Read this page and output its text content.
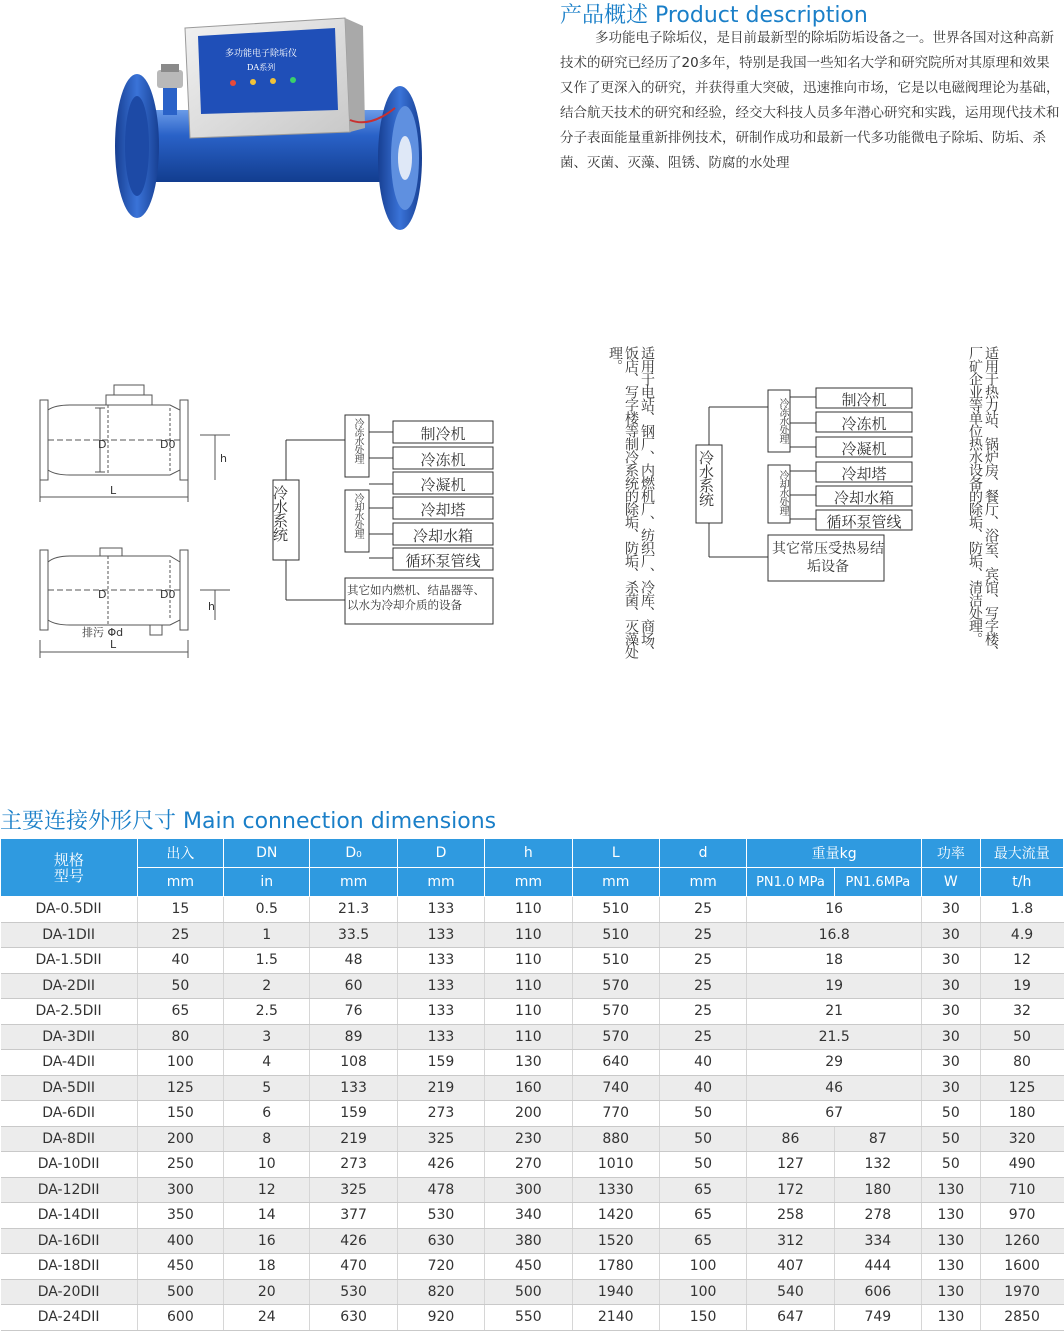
多功能电子除垢仪
DA系列
产品概述 Product description
多功能电子除垢仪，是目前最新型的除垢防垢设备之一。世界各国对这种高新技术的研究已经历了20多年，特别是我国一些知名大学和研究院所对其原理和效果又作了更深入的研究，并获得重大突破，迅速推向市场，它是以电磁阀理论为基础，结合航天技术的研究和经验，经交大科技人员多年潜心研究和实践，运用现代技术和分子表面能量重新排例技术，研制作成功和最新一代多功能微电子除垢、防垢、杀菌、灭菌、灭藻、阻锈、防腐的水处理
D	D0
h
L
D	D0
h
排污 Φd
L
冷水系统
冷冻水处理
冷却水处理
制冷机
冷冻机
冷凝机
冷却塔
冷却水箱
循环泵管线
其它如内燃机、结晶器等、以水为冷却介质的设备	适用于电站、钢厂、内燃机厂、纺织厂、冷库、商场、饭店、写字楼等制冷系统的除垢、防垢、杀菌、灭藻处理。
冷水系统
冷冻水处理
冷却水处理
制冷机
冷冻机
冷凝机
冷却塔
冷却水箱
循环泵管线
其它常压受热易结垢设备	适用于热力站、锅炉房、餐厅、浴室、宾馆、写字楼、厂矿企业等单位热水设备的除垢、防垢、清洁处理。
主要连接外形尺寸 Main connection dimensions
规格
型号	出入	DN	D₀	D	h	L	d	重量kg		功率	最大流量
	mm	in	mm	mm	mm	mm	mm	PN1.0 MPa	PN1.6MPa	W	t/h
DA-0.5DII	15	0.5	21.3	133	110	510	25	16		30	1.8
DA-1DII	25	1	33.5	133	110	510	25	16.8		30	4.9
DA-1.5DII	40	1.5	48	133	110	510	25	18		30	12
DA-2DII	50	2	60	133	110	570	25	19		30	19
DA-2.5DII	65	2.5	76	133	110	570	25	21		30	32
DA-3DII	80	3	89	133	110	570	25	21.5		30	50
DA-4DII	100	4	108	159	130	640	40	29		30	80
DA-5DII	125	5	133	219	160	740	40	46		30	125
DA-6DII	150	6	159	273	200	770	50	67		50	180
DA-8DII	200	8	219	325	230	880	50	86	87	50	320
DA-10DII	250	10	273	426	270	1010	50	127	132	50	490
DA-12DII	300	12	325	478	300	1330	65	172	180	130	710
DA-14DII	350	14	377	530	340	1420	65	258	278	130	970
DA-16DII	400	16	426	630	380	1520	65	312	334	130	1260
DA-18DII	450	18	470	720	450	1780	100	407	444	130	1600
DA-20DII	500	20	530	820	500	1940	100	540	606	130	1970
DA-24DII	600	24	630	920	550	2140	150	647	749	130	2850
